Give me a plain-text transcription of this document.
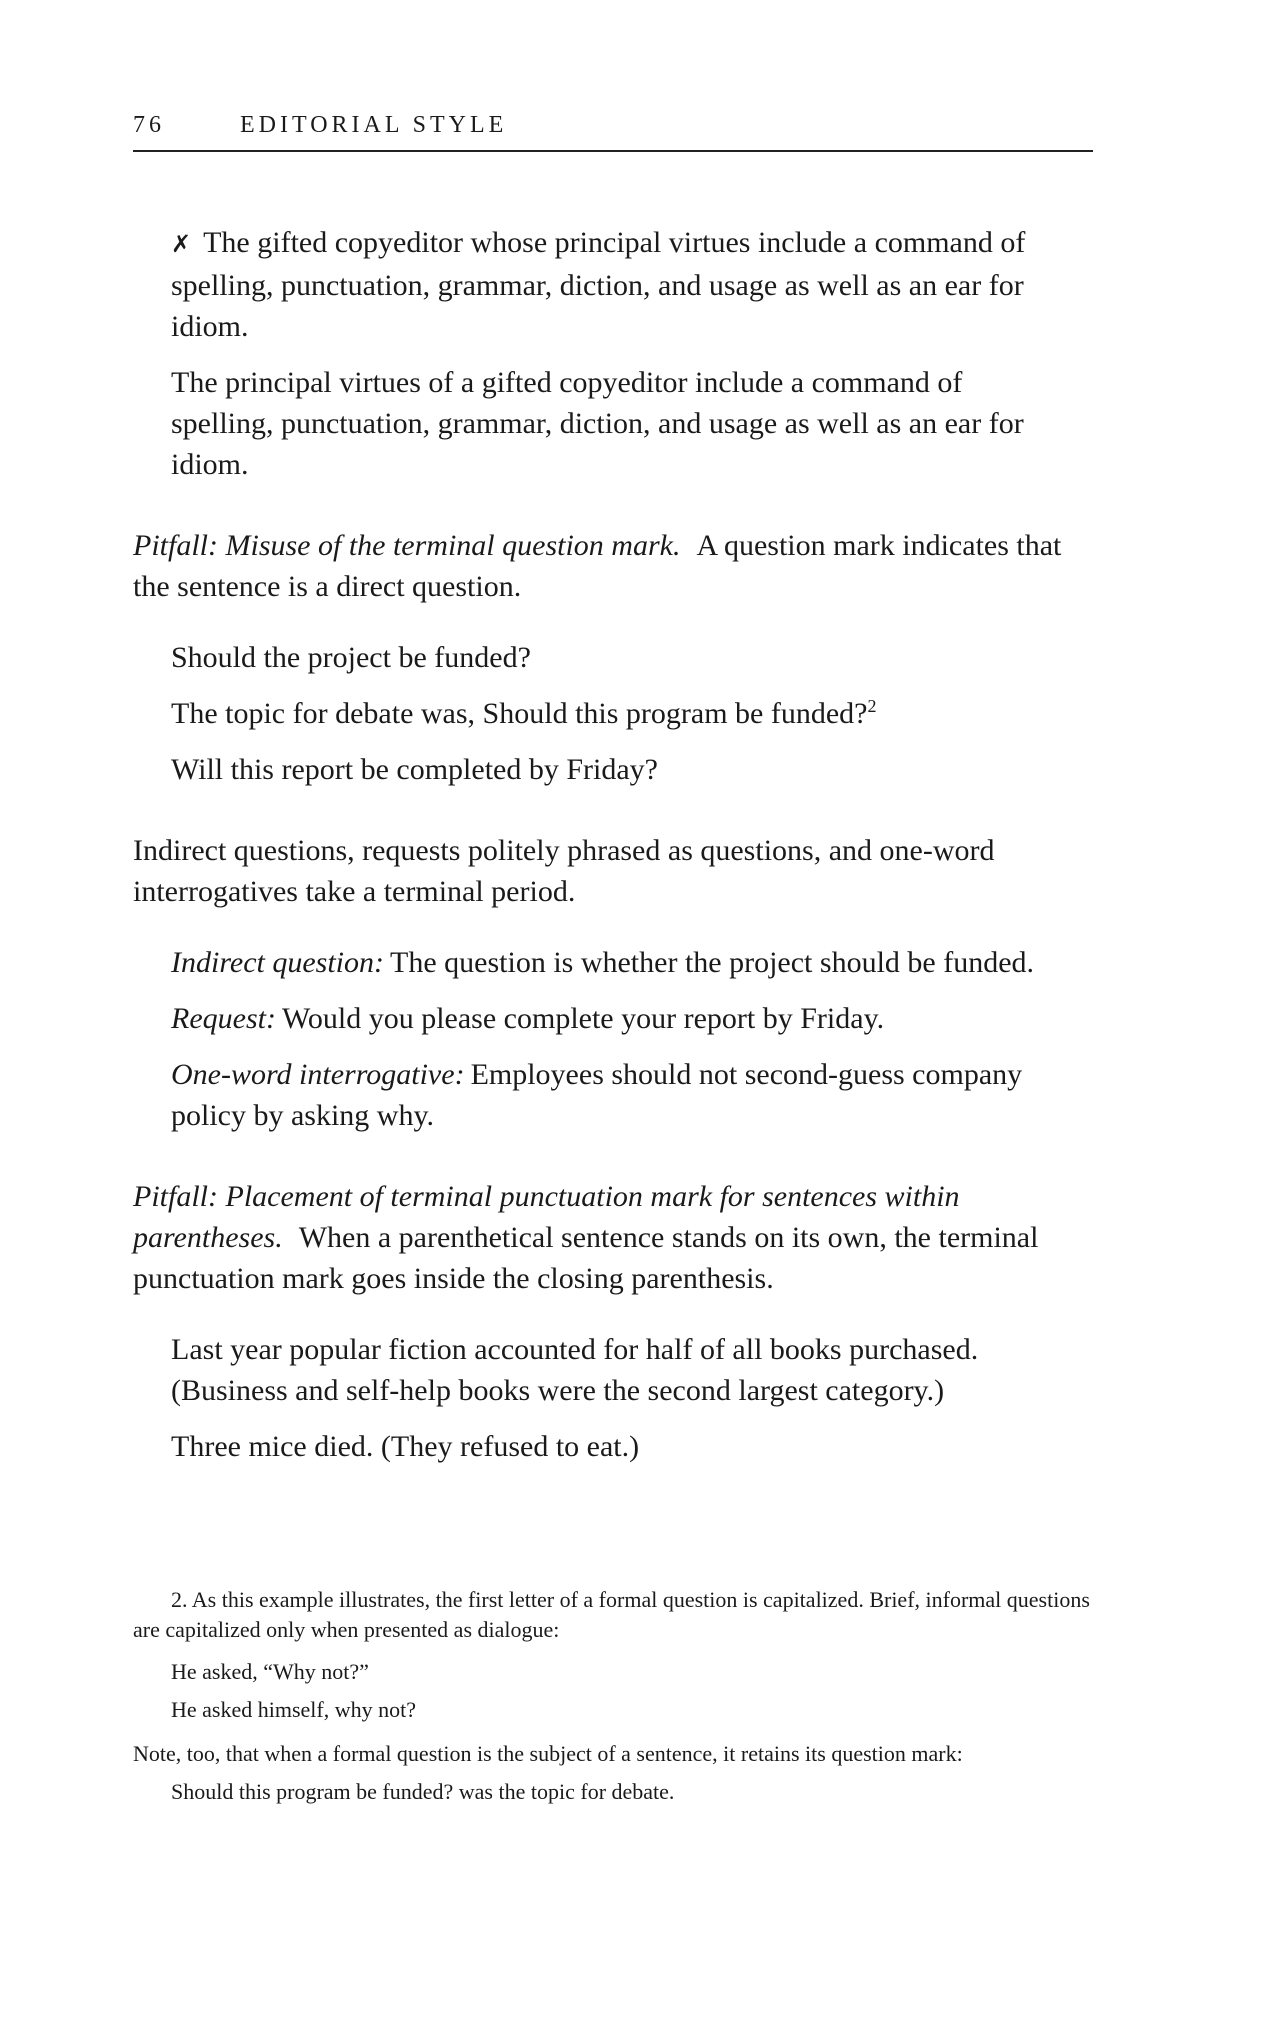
76	EDITORIAL STYLE

✗ The gifted copyeditor whose principal virtues include a command of spelling, punctuation, grammar, diction, and usage as well as an ear for idiom.

The principal virtues of a gifted copyeditor include a command of spelling, punctuation, grammar, diction, and usage as well as an ear for idiom.

Pitfall: Misuse of the terminal question mark. A question mark indicates that the sentence is a direct question.

Should the project be funded?

The topic for debate was, Should this program be funded?$^2$

Will this report be completed by Friday?

Indirect questions, requests politely phrased as questions, and one-word interrogatives take a terminal period.

Indirect question: The question is whether the project should be funded.

Request: Would you please complete your report by Friday.

One-word interrogative: Employees should not second-guess company policy by asking why.

Pitfall: Placement of terminal punctuation mark for sentences within parentheses. When a parenthetical sentence stands on its own, the terminal punctuation mark goes inside the closing parenthesis.

Last year popular fiction accounted for half of all books purchased. (Business and self-help books were the second largest category.)

Three mice died. (They refused to eat.)

2. As this example illustrates, the first letter of a formal question is capitalized. Brief, informal questions are capitalized only when presented as dialogue:

He asked, “Why not?”

He asked himself, why not?

Note, too, that when a formal question is the subject of a sentence, it retains its question mark:

Should this program be funded? was the topic for debate.
